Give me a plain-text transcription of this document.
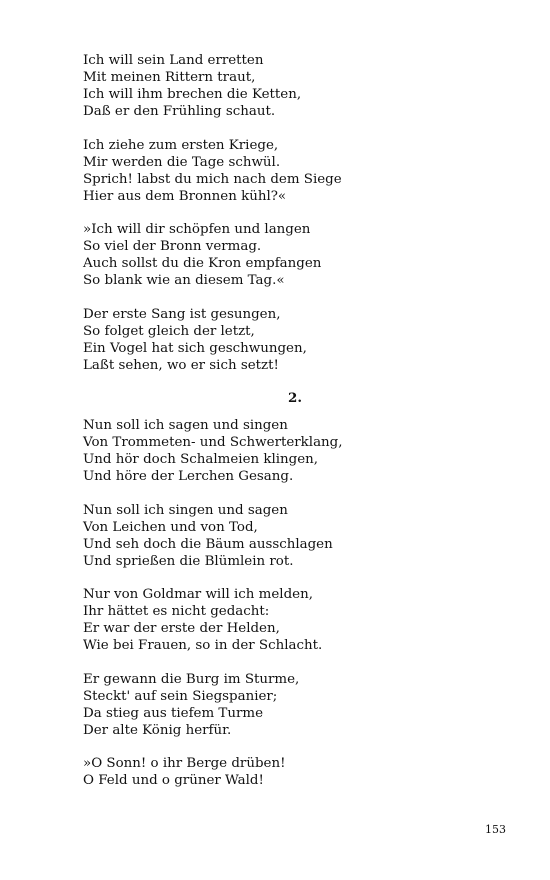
Ich will sein Land erretten
Mit meinen Rittern traut,
Ich will ihm brechen die Ketten,
Daß er den Frühling schaut.
Ich ziehe zum ersten Kriege,
Mir werden die Tage schwül.
Sprich! labst du mich nach dem Siege
Hier aus dem Bronnen kühl?«
»Ich will dir schöpfen und langen
So viel der Bronn vermag.
Auch sollst du die Kron empfangen
So blank wie an diesem Tag.«
Der erste Sang ist gesungen,
So folget gleich der letzt,
Ein Vogel hat sich geschwungen,
Laßt sehen, wo er sich setzt!
2.
Nun soll ich sagen und singen
Von Trommeten- und Schwerterklang,
Und hör doch Schalmeien klingen,
Und höre der Lerchen Gesang.
Nun soll ich singen und sagen
Von Leichen und von Tod,
Und seh doch die Bäum ausschlagen
Und sprießen die Blümlein rot.
Nur von Goldmar will ich melden,
Ihr hättet es nicht gedacht:
Er war der erste der Helden,
Wie bei Frauen, so in der Schlacht.
Er gewann die Burg im Sturme,
Steckt' auf sein Siegspanier;
Da stieg aus tiefem Turme
Der alte König herfür.
»O Sonn! o ihr Berge drüben!
O Feld und o grüner Wald!
153
